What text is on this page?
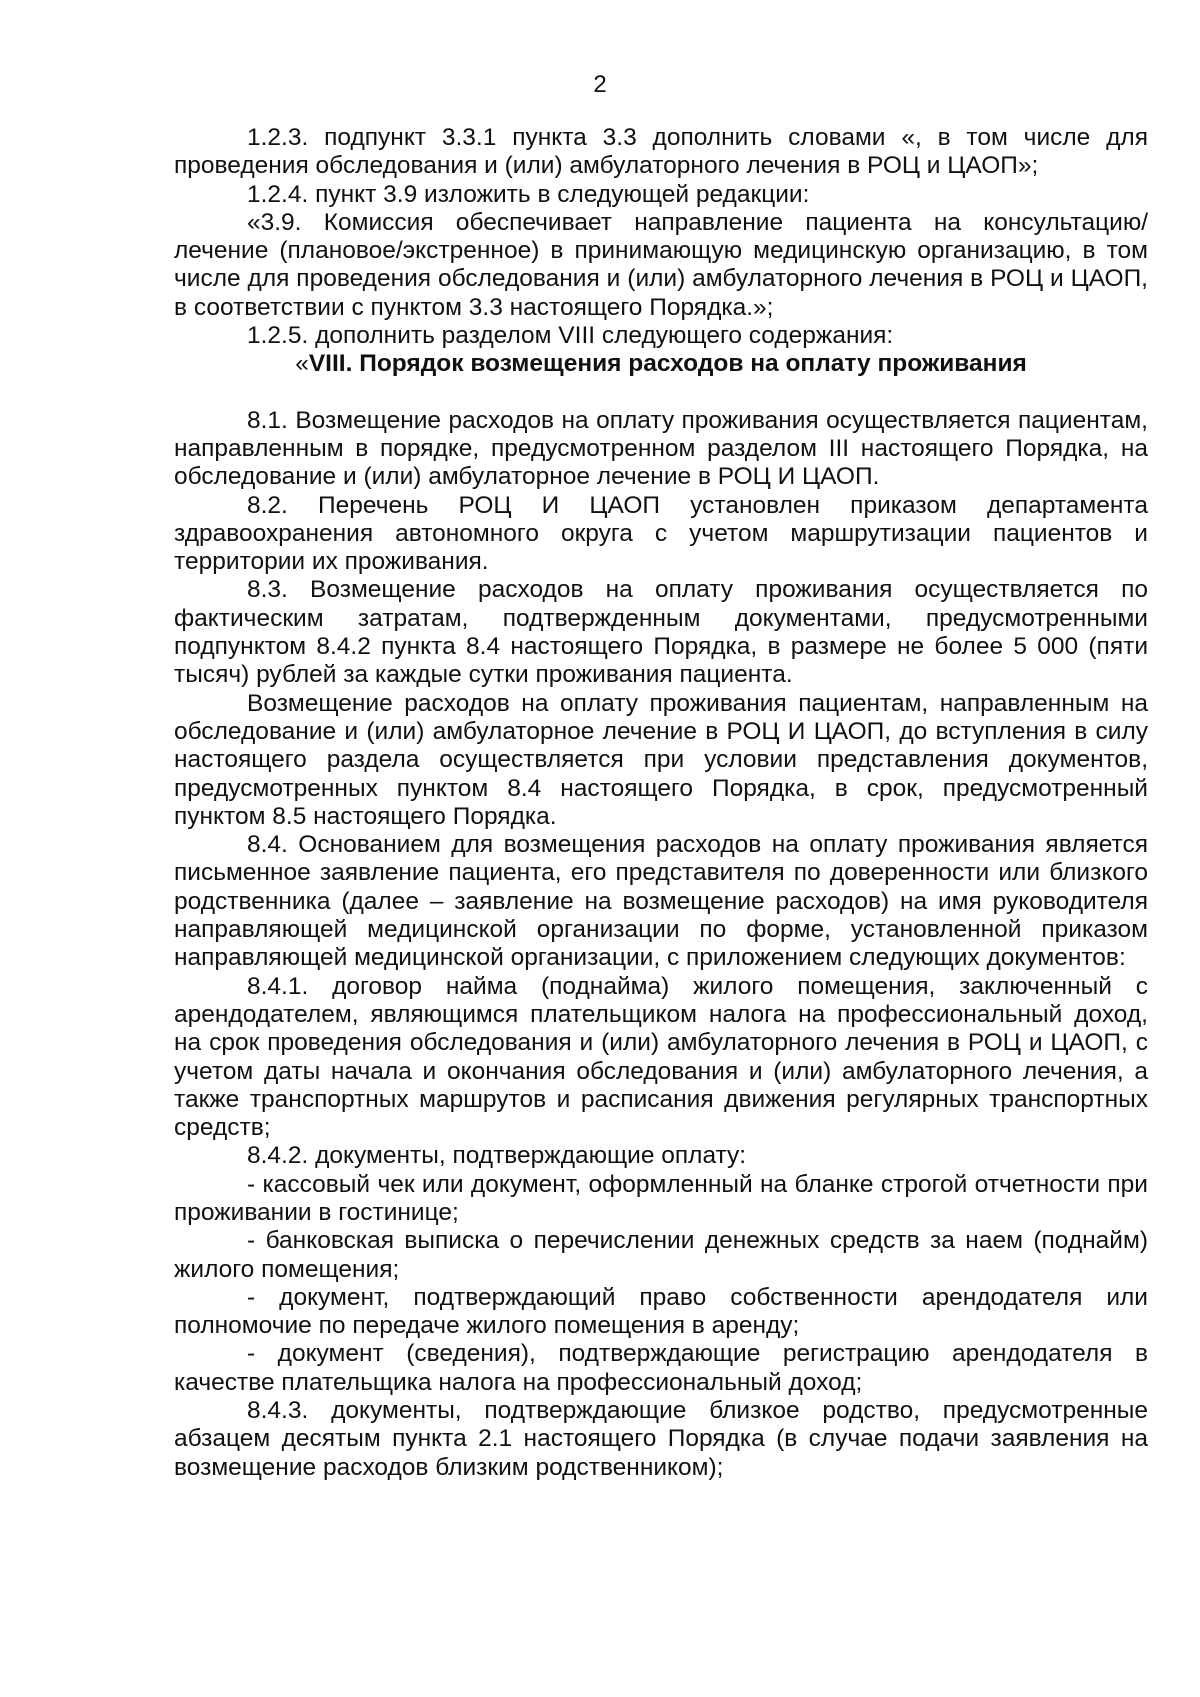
2

1.2.3. подпункт 3.3.1 пункта 3.3 дополнить словами «, в том числе для проведения обследования и (или) амбулаторного лечения в РОЦ и ЦАОП»;

1.2.4. пункт 3.9 изложить в следующей редакции:

«3.9. Комиссия обеспечивает направление пациента на консультацию/лечение (плановое/экстренное) в принимающую медицинскую организацию, в том числе для проведения обследования и (или) амбулаторного лечения в РОЦ и ЦАОП, в соответствии с пунктом 3.3 настоящего Порядка.»;

1.2.5. дополнить разделом VIII следующего содержания:

«VIII. Порядок возмещения расходов на оплату проживания

8.1. Возмещение расходов на оплату проживания осуществляется пациентам, направленным в порядке, предусмотренном разделом III настоящего Порядка, на обследование и (или) амбулаторное лечение в РОЦ И ЦАОП.

8.2. Перечень РОЦ И ЦАОП установлен приказом департамента здравоохранения автономного округа с учетом маршрутизации пациентов и территории их проживания.

8.3. Возмещение расходов на оплату проживания осуществляется по фактическим затратам, подтвержденным документами, предусмотренными подпунктом 8.4.2 пункта 8.4 настоящего Порядка, в размере не более 5 000 (пяти тысяч) рублей за каждые сутки проживания пациента.

Возмещение расходов на оплату проживания пациентам, направленным на обследование и (или) амбулаторное лечение в РОЦ И ЦАОП, до вступления в силу настоящего раздела осуществляется при условии представления документов, предусмотренных пунктом 8.4 настоящего Порядка, в срок, предусмотренный пунктом 8.5 настоящего Порядка.

8.4. Основанием для возмещения расходов на оплату проживания является письменное заявление пациента, его представителя по доверенности или близкого родственника (далее – заявление на возмещение расходов) на имя руководителя направляющей медицинской организации по форме, установленной приказом направляющей медицинской организации, с приложением следующих документов:

8.4.1. договор найма (поднайма) жилого помещения, заключенный с арендодателем, являющимся плательщиком налога на профессиональный доход, на срок проведения обследования и (или) амбулаторного лечения в РОЦ и ЦАОП, с учетом даты начала и окончания обследования и (или) амбулаторного лечения, а также транспортных маршрутов и расписания движения регулярных транспортных средств;

8.4.2. документы, подтверждающие оплату:

- кассовый чек или документ, оформленный на бланке строгой отчетности при проживании в гостинице;

- банковская выписка о перечислении денежных средств за наем (поднайм) жилого помещения;

- документ, подтверждающий право собственности арендодателя или полномочие по передаче жилого помещения в аренду;

- документ (сведения), подтверждающие регистрацию арендодателя в качестве плательщика налога на профессиональный доход;

8.4.3. документы, подтверждающие близкое родство, предусмотренные абзацем десятым пункта 2.1 настоящего Порядка (в случае подачи заявления на возмещение расходов близким родственником);
